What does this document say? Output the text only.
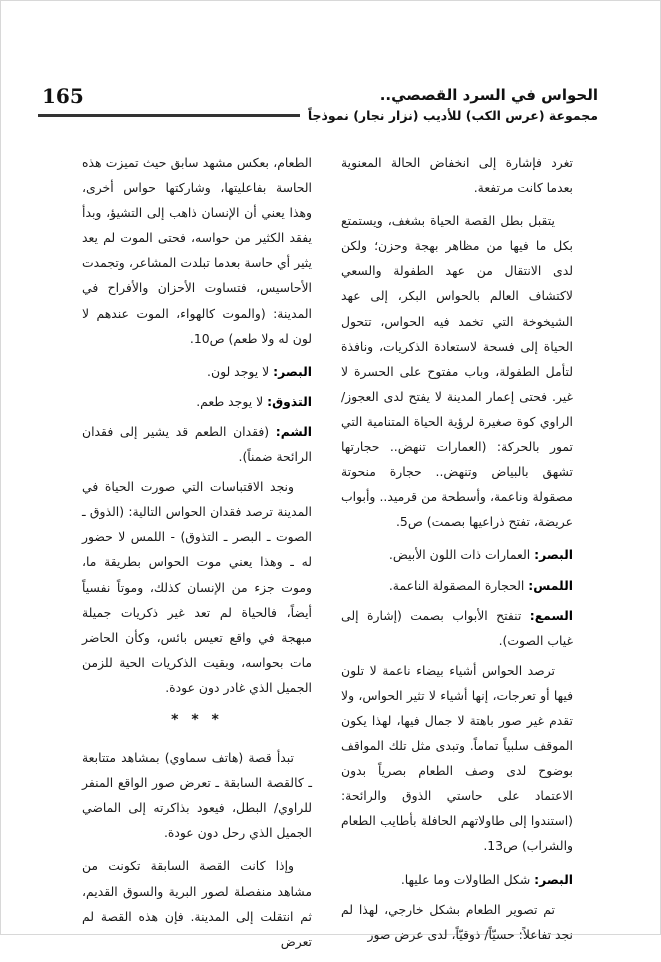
165	الحواس في السرد القصصي..
مجموعة (عرس الكب) للأديب (نزار نجار) نموذجاً

تغرد فإشارة إلى انخفاض الحالة المعنوية بعدما كانت مرتفعة.

يتقبل بطل القصة الحياة بشغف، ويستمتع بكل ما فيها من مظاهر بهجة وحزن؛ ولكن لدى الانتقال من عهد الطفولة والسعي لاكتشاف العالم بالحواس البكر، إلى عهد الشيخوخة التي تخمد فيه الحواس، تتحول الحياة إلى فسحة لاستعادة الذكريات، ونافذة لتأمل الطفولة، وباب مفتوح على الحسرة لا غير. فحتى إعمار المدينة لا يفتح لدى العجوز/ الراوي كوة صغيرة لرؤية الحياة المتنامية التي تمور بالحركة: (العمارات تنهض.. حجارتها تشهق بالبياض وتنهض.. حجارة منحوتة مصقولة وناعمة، وأسطحة من قرميد.. وأبواب عريضة، تفتح ذراعيها بصمت) ص5.

البصر: العمارات ذات اللون الأبيض.

اللمس: الحجارة المصقولة الناعمة.

السمع: تنفتح الأبواب بصمت (إشارة إلى غياب الصوت).

ترصد الحواس أشياء بيضاء ناعمة لا تلون فيها أو تعرجات، إنها أشياء لا تثير الحواس، ولا تقدم غير صور باهتة لا جمال فيها، لهذا يكون الموقف سلبياً تماماً. وتبدى مثل تلك المواقف بوضوح لدى وصف الطعام بصرياً بدون الاعتماد على حاستي الذوق والرائحة: (استندوا إلى طاولاتهم الحافلة بأطايب الطعام والشراب) ص13.

البصر: شكل الطاولات وما عليها.

تم تصوير الطعام بشكل خارجي، لهذا لم نجد تفاعلاً: حسيّاً/ ذوقيّاً، لدى عرض صور

الطعام، بعكس مشهد سابق حيث تميزت هذه الحاسة بفاعليتها، وشاركتها حواس أخرى، وهذا يعني أن الإنسان ذاهب إلى التشيؤ، وبدأ يفقد الكثير من حواسه، فحتى الموت لم يعد يثير أي حاسة بعدما تبلدت المشاعر، وتجمدت الأحاسيس، فتساوت الأحزان والأفراح في المدينة: (والموت كالهواء، الموت عندهم لا لون له ولا طعم) ص10.

البصر: لا يوجد لون.

التذوق: لا يوجد طعم.

الشم: (فقدان الطعم قد يشير إلى فقدان الرائحة ضمناً).

ونجد الاقتباسات التي صورت الحياة في المدينة ترصد فقدان الحواس التالية: (الذوق ـ الصوت ـ البصر ـ التذوق) - اللمس لا حضور له ـ وهذا يعني موت الحواس بطريقة ما، وموت جزء من الإنسان كذلك، وموتاً نفسياً أيضاً، فالحياة لم تعد غير ذكريات جميلة مبهجة في واقع تعيس بائس، وكأن الحاضر مات بحواسه، وبقيت الذكريات الحية للزمن الجميل الذي غادر دون عودة.

* * *

تبدأ قصة (هاتف سماوي) بمشاهد متتابعة ـ كالقصة السابقة ـ تعرض صور الواقع المنفر للراوي/ البطل، فيعود بذاكرته إلى الماضي الجميل الذي رحل دون عودة.

وإذا كانت القصة السابقة تكونت من مشاهد منفصلة لصور البرية والسوق القديم، ثم انتقلت إلى المدينة. فإن هذه القصة لم تعرض
